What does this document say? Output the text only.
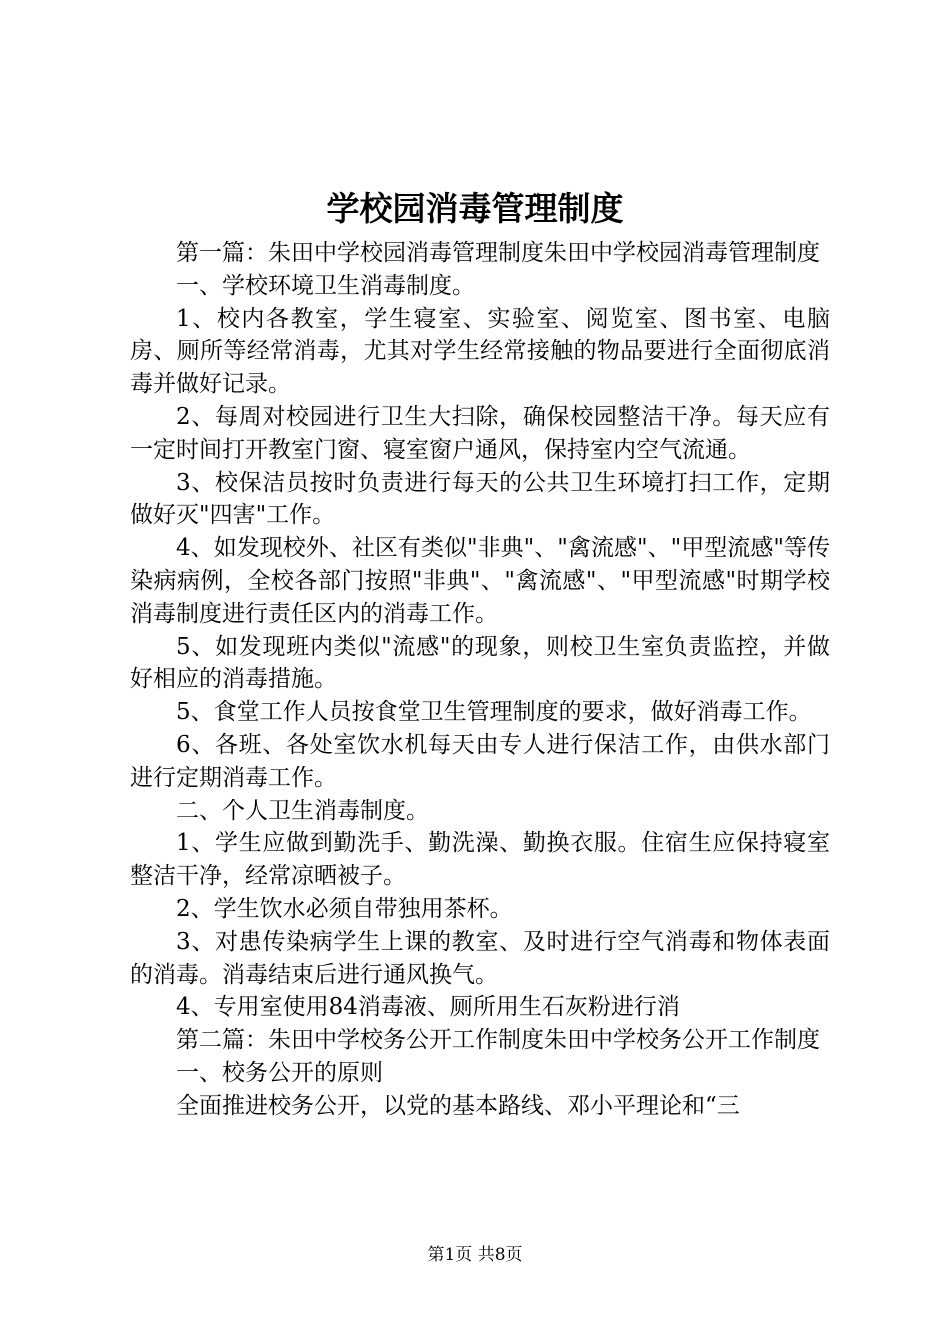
学校园消毒管理制度

第一篇：朱田中学校园消毒管理制度朱田中学校园消毒管理制度

一、学校环境卫生消毒制度。

1、校内各教室，学生寝室、实验室、阅览室、图书室、电脑房、厕所等经常消毒，尤其对学生经常接触的物品要进行全面彻底消毒并做好记录。

2、每周对校园进行卫生大扫除，确保校园整洁干净。每天应有一定时间打开教室门窗、寝室窗户通风，保持室内空气流通。

3、校保洁员按时负责进行每天的公共卫生环境打扫工作，定期做好灭"四害"工作。

4、如发现校外、社区有类似"非典"、"禽流感"、"甲型流感"等传染病病例，全校各部门按照"非典"、"禽流感"、"甲型流感"时期学校消毒制度进行责任区内的消毒工作。

5、如发现班内类似"流感"的现象，则校卫生室负责监控，并做好相应的消毒措施。

5、食堂工作人员按食堂卫生管理制度的要求，做好消毒工作。

6、各班、各处室饮水机每天由专人进行保洁工作，由供水部门进行定期消毒工作。

二、个人卫生消毒制度。

1、学生应做到勤洗手、勤洗澡、勤换衣服。住宿生应保持寝室整洁干净，经常凉晒被子。

2、学生饮水必须自带独用茶杯。

3、对患传染病学生上课的教室、及时进行空气消毒和物体表面的消毒。消毒结束后进行通风换气。

4、专用室使用84消毒液、厕所用生石灰粉进行消

第二篇：朱田中学校务公开工作制度朱田中学校务公开工作制度

一、校务公开的原则

全面推进校务公开，以党的基本路线、邓小平理论和“三

第1页 共8页
